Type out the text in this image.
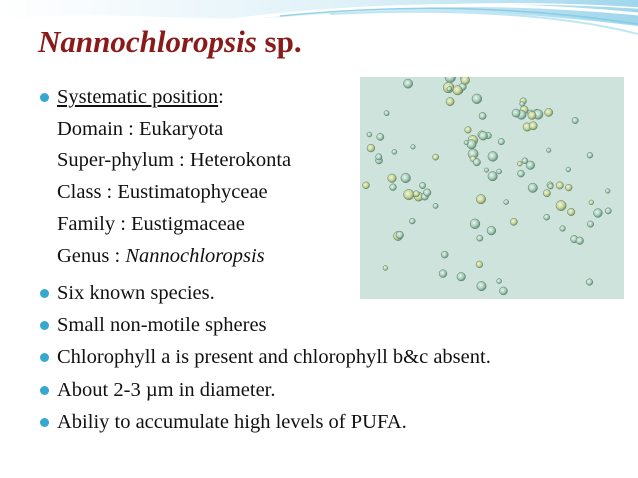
Nannochloropsis sp.
Systematic position:
Domain : Eukaryota
Super-phylum : Heterokonta
Class : Eustimatophyceae
Family : Eustigmaceae
Genus : Nannochloropsis
Six known species.
Small non-motile spheres
Chlorophyll a is present and chlorophyll b&c absent.
About 2-3 µm in diameter.
Abiliy to accumulate high levels of PUFA.
